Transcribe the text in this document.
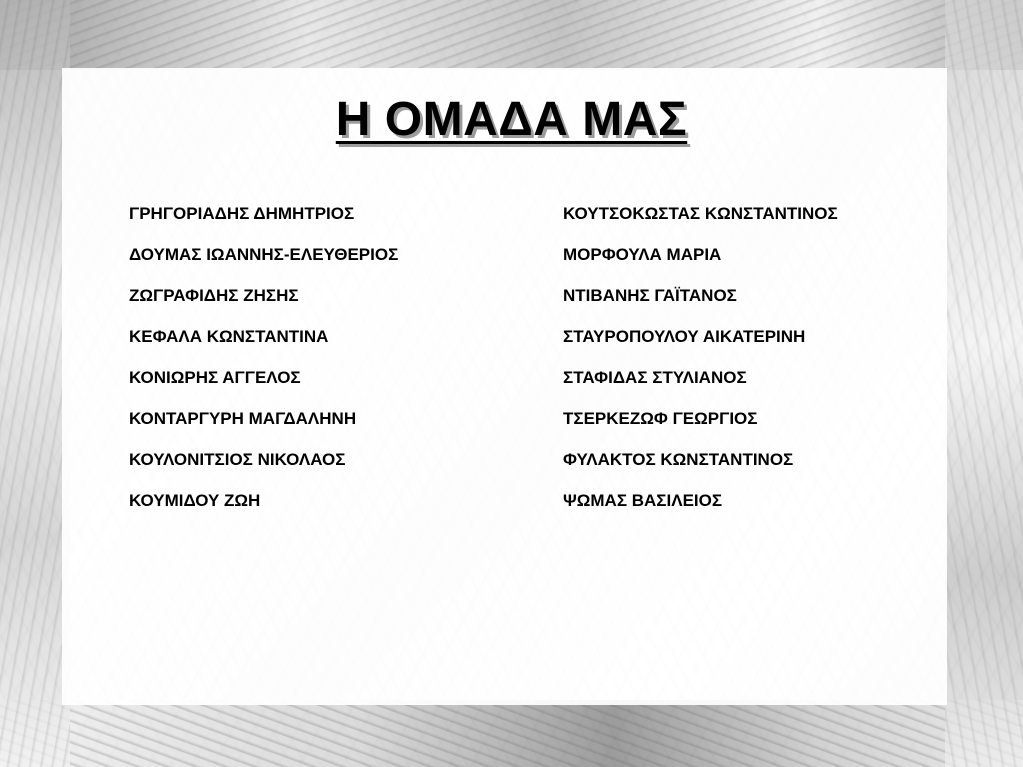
Η ΟΜΑΔΑ ΜΑΣ
ΓΡΗΓΟΡΙΑΔΗΣ ΔΗΜΗΤΡΙΟΣ
ΔΟΥΜΑΣ ΙΩΑΝΝΗΣ-ΕΛΕΥΘΕΡΙΟΣ
ΖΩΓΡΑΦΙΔΗΣ ΖΗΣΗΣ
ΚΕΦΑΛΑ ΚΩΝΣΤΑΝΤΙΝΑ
ΚΟΝΙΩΡΗΣ ΑΓΓΕΛΟΣ
ΚΟΝΤΑΡΓΥΡΗ ΜΑΓΔΑΛΗΝΗ
ΚΟΥΛΟΝΙΤΣΙΟΣ ΝΙΚΟΛΑΟΣ
ΚΟΥΜΙΔΟΥ ΖΩΗ
ΚΟΥΤΣΟΚΩΣΤΑΣ ΚΩΝΣΤΑΝΤΙΝΟΣ
ΜΟΡΦΟΥΛΑ ΜΑΡΙΑ
ΝΤΙΒΑΝΗΣ ΓΑΪΤΑΝΟΣ
ΣΤΑΥΡΟΠΟΥΛΟΥ ΑΙΚΑΤΕΡΙΝΗ
ΣΤΑΦΙΔΑΣ ΣΤΥΛΙΑΝΟΣ
ΤΣΕΡΚΕΖΩΦ ΓΕΩΡΓΙΟΣ
ΦΥΛΑΚΤΟΣ ΚΩΝΣΤΑΝΤΙΝΟΣ
ΨΩΜΑΣ ΒΑΣΙΛΕΙΟΣ
